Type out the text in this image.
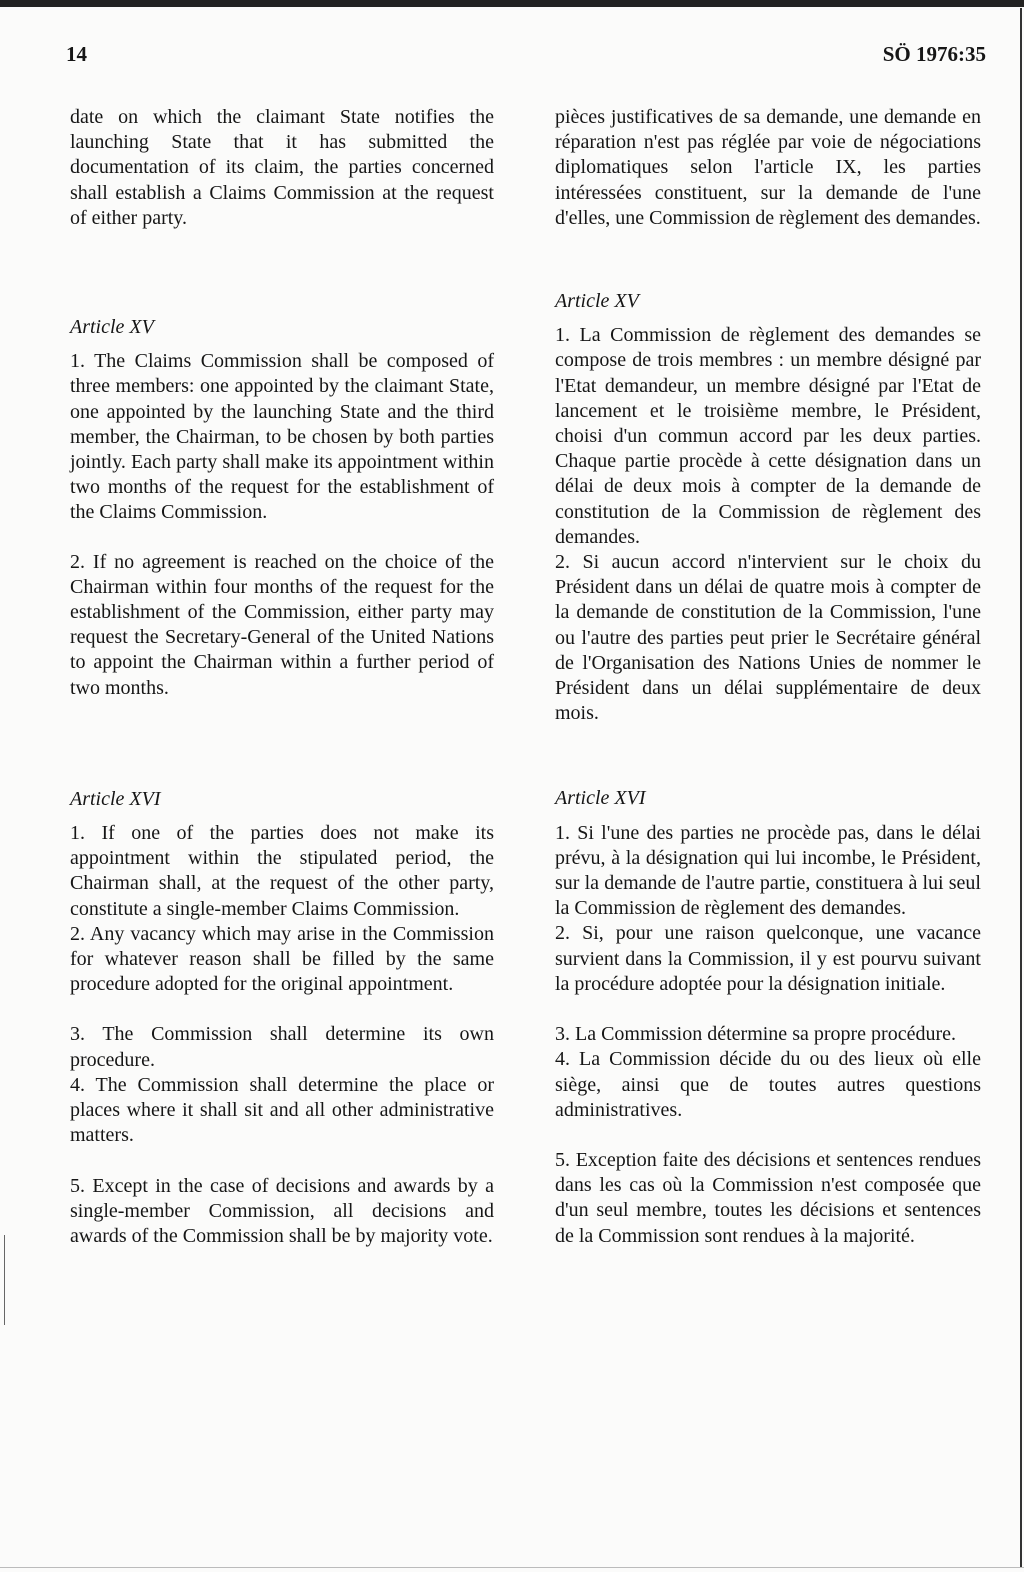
14	SÖ 1976:35

date on which the claimant State notifies the launching State that it has submitted the documentation of its claim, the parties concerned shall establish a Claims Commission at the request of either party.

Article XV

1. The Claims Commission shall be composed of three members: one appointed by the claimant State, one appointed by the launching State and the third member, the Chairman, to be chosen by both parties jointly. Each party shall make its appointment within two months of the request for the establishment of the Claims Commission.

2. If no agreement is reached on the choice of the Chairman within four months of the request for the establishment of the Commission, either party may request the Secretary-General of the United Nations to appoint the Chairman within a further period of two months.

Article XVI

1. If one of the parties does not make its appointment within the stipulated period, the Chairman shall, at the request of the other party, constitute a single-member Claims Commission.

2. Any vacancy which may arise in the Commission for whatever reason shall be filled by the same procedure adopted for the original appointment.

3. The Commission shall determine its own procedure.

4. The Commission shall determine the place or places where it shall sit and all other administrative matters.

5. Except in the case of decisions and awards by a single-member Commission, all decisions and awards of the Commission shall be by majority vote.

pièces justificatives de sa demande, une demande en réparation n'est pas réglée par voie de négociations diplomatiques selon l'article IX, les parties intéressées constituent, sur la demande de l'une d'elles, une Commission de règlement des demandes.

Article XV

1. La Commission de règlement des demandes se compose de trois membres : un membre désigné par l'Etat demandeur, un membre désigné par l'Etat de lancement et le troisième membre, le Président, choisi d'un commun accord par les deux parties. Chaque partie procède à cette désignation dans un délai de deux mois à compter de la demande de constitution de la Commission de règlement des demandes.

2. Si aucun accord n'intervient sur le choix du Président dans un délai de quatre mois à compter de la demande de constitution de la Commission, l'une ou l'autre des parties peut prier le Secrétaire général de l'Organisation des Nations Unies de nommer le Président dans un délai supplémentaire de deux mois.

Article XVI

1. Si l'une des parties ne procède pas, dans le délai prévu, à la désignation qui lui incombe, le Président, sur la demande de l'autre partie, constituera à lui seul la Commission de règlement des demandes.

2. Si, pour une raison quelconque, une vacance survient dans la Commission, il y est pourvu suivant la procédure adoptée pour la désignation initiale.

3. La Commission détermine sa propre procédure.

4. La Commission décide du ou des lieux où elle siège, ainsi que de toutes autres questions administratives.

5. Exception faite des décisions et sentences rendues dans les cas où la Commission n'est composée que d'un seul membre, toutes les décisions et sentences de la Commission sont rendues à la majorité.
